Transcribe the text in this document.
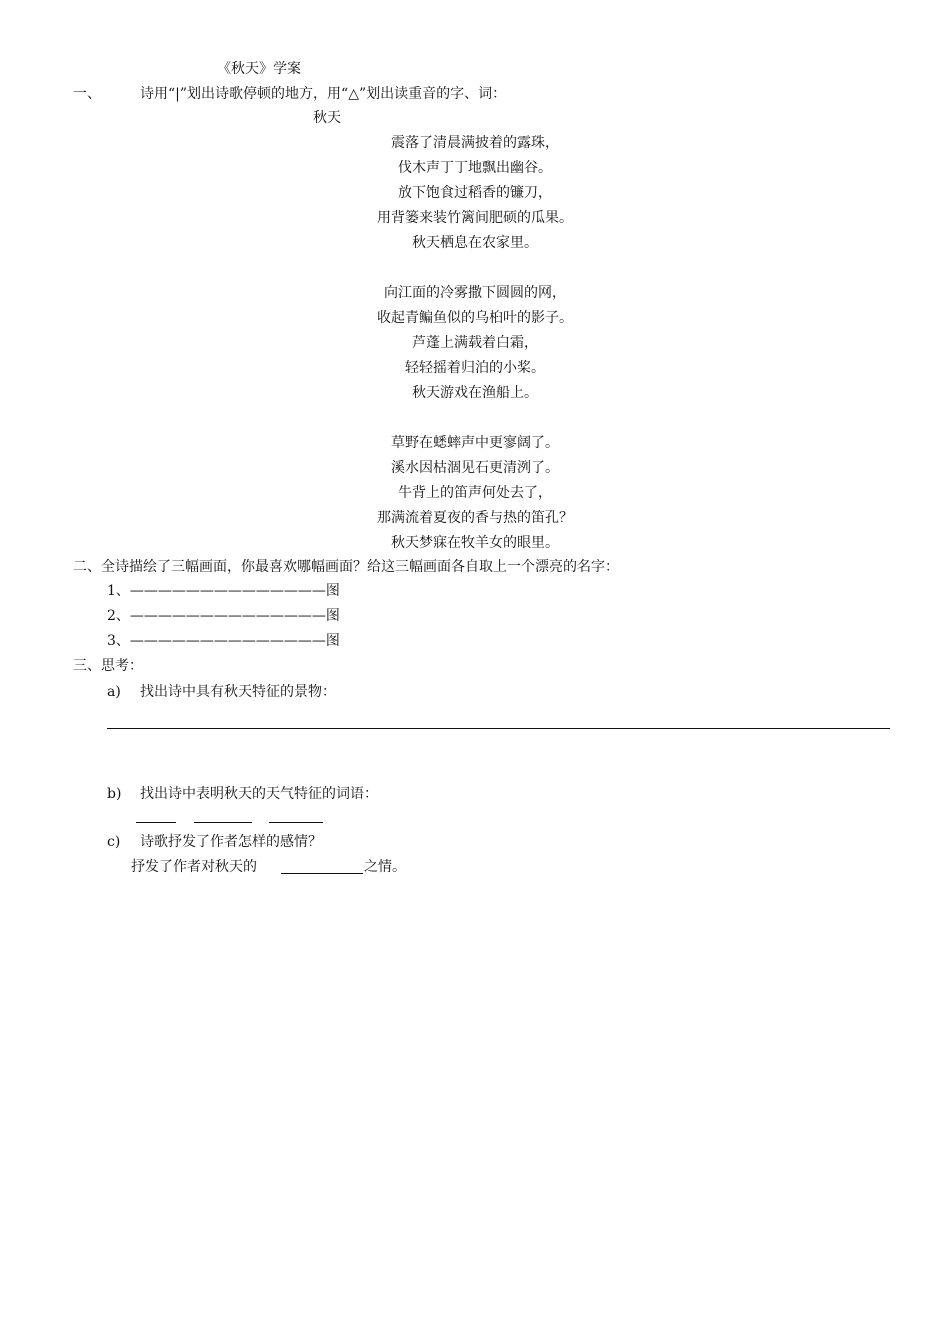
《秋天》学案
一、	诗用“|”划出诗歌停顿的地方，用“△”划出读重音的字、词：
秋天
震落了清晨满披着的露珠，
伐木声丁丁地飘出幽谷。
放下饱食过稻香的镰刀，
用背篓来装竹篱间肥硕的瓜果。
秋天栖息在农家里。
向江面的冷雾撒下圆圆的网，
收起青鳊鱼似的乌桕叶的影子。
芦蓬上满载着白霜，
轻轻摇着归泊的小桨。
秋天游戏在渔船上。
草野在蟋蟀声中更寥阔了。
溪水因枯涸见石更清洌了。
牛背上的笛声何处去了，
那满流着夏夜的香与热的笛孔？
秋天梦寐在牧羊女的眼里。
二、全诗描绘了三幅画面，你最喜欢哪幅画面？给这三幅画面各自取上一个漂亮的名字：
1、——————————————图
2、——————————————图
3、——————————————图
三、思考：
a) 找出诗中具有秋天特征的景物：
b) 找出诗中表明秋天的天气特征的词语：
c) 诗歌抒发了作者怎样的感情？
抒发了作者对秋天的	之情。
